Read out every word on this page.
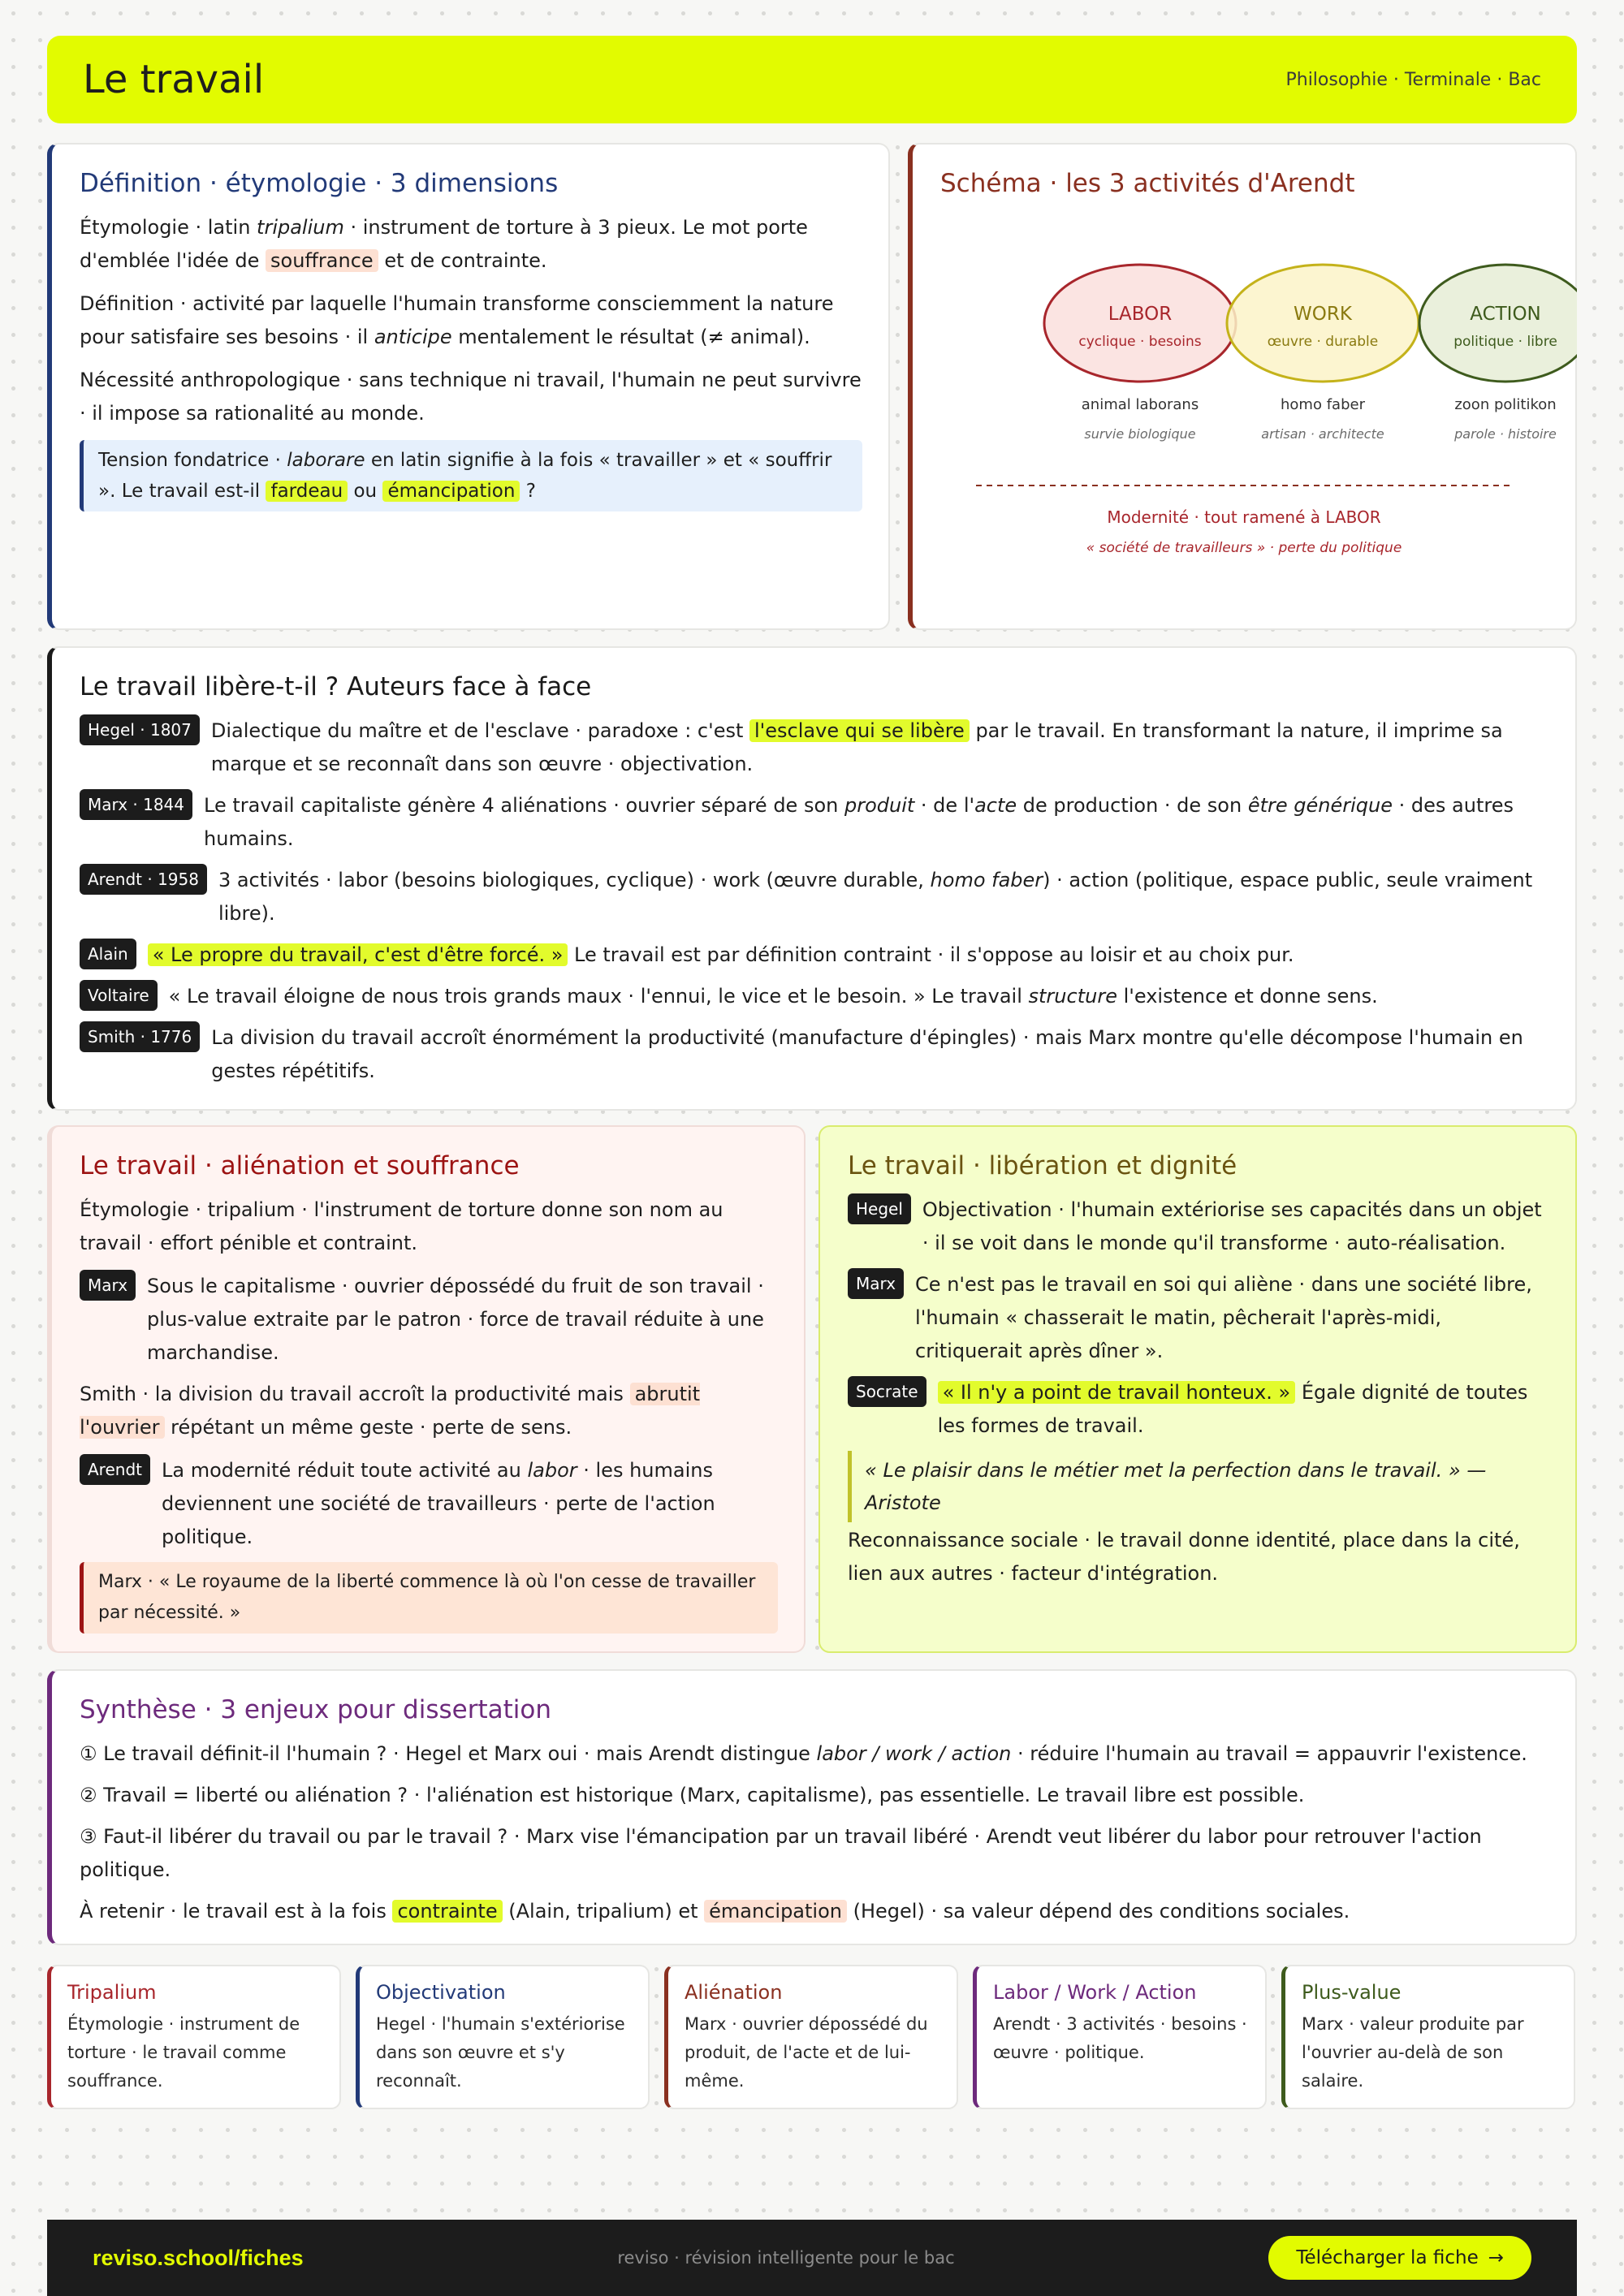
Le travail	Philosophie · Terminale · Bac
Définition · étymologie · 3 dimensions

Étymologie · latin tripalium · instrument de torture à 3 pieux. Le mot porte d'emblée l'idée de souffrance et de contrainte.

Définition · activité par laquelle l'humain transforme consciemment la nature pour satisfaire ses besoins · il anticipe mentalement le résultat (≠ animal).

Nécessité anthropologique · sans technique ni travail, l'humain ne peut survivre · il impose sa rationalité au monde.

Tension fondatrice · laborare en latin signifie à la fois « travailler » et « souffrir ». Le travail est-il fardeau ou émancipation ?
Schéma · les 3 activités d'Arendt
LABOR
cyclique · besoins
WORK
œuvre · durable
ACTION
politique · libre
animal laborans
survie biologique
homo faber
artisan · architecte
zoon politikon
parole · histoire
Modernité · tout ramené à LABOR
« société de travailleurs » · perte du politique
Le travail libère-t-il ? Auteurs face à face
Hegel · 1807	Dialectique du maître et de l'esclave · paradoxe : c'est l'esclave qui se libère par le travail. En transformant la nature, il imprime sa marque et se reconnaît dans son œuvre · objectivation.
Marx · 1844	Le travail capitaliste génère 4 aliénations · ouvrier séparé de son produit · de l'acte de production · de son être générique · des autres humains.
Arendt · 1958	3 activités · labor (besoins biologiques, cyclique) · work (œuvre durable, homo faber) · action (politique, espace public, seule vraiment libre).
Alain	« Le propre du travail, c'est d'être forcé. » Le travail est par définition contraint · il s'oppose au loisir et au choix pur.
Voltaire	« Le travail éloigne de nous trois grands maux · l'ennui, le vice et le besoin. » Le travail structure l'existence et donne sens.
Smith · 1776	La division du travail accroît énormément la productivité (manufacture d'épingles) · mais Marx montre qu'elle décompose l'humain en gestes répétitifs.
Le travail · aliénation et souffrance

Étymologie · tripalium · l'instrument de torture donne son nom au travail · effort pénible et contraint.

Marx	Sous le capitalisme · ouvrier dépossédé du fruit de son travail · plus-value extraite par le patron · force de travail réduite à une marchandise.

Smith · la division du travail accroît la productivité mais abrutit l'ouvrier répétant un même geste · perte de sens.

Arendt	La modernité réduit toute activité au labor · les humains deviennent une société de travailleurs · perte de l'action politique.
Marx · « Le royaume de la liberté commence là où l'on cesse de travailler par nécessité. »
Le travail · libération et dignité
Hegel	Objectivation · l'humain extériorise ses capacités dans un objet · il se voit dans le monde qu'il transforme · auto-réalisation.
Marx	Ce n'est pas le travail en soi qui aliène · dans une société libre, l'humain « chasserait le matin, pêcherait l'après-midi, critiquerait après dîner ».
Socrate	« Il n'y a point de travail honteux. » Égale dignité de toutes les formes de travail.
« Le plaisir dans le métier met la perfection dans le travail. » — Aristote

Reconnaissance sociale · le travail donne identité, place dans la cité, lien aux autres · facteur d'intégration.

Synthèse · 3 enjeux pour dissertation

① Le travail définit-il l'humain ? · Hegel et Marx oui · mais Arendt distingue labor / work / action · réduire l'humain au travail = appauvrir l'existence.

② Travail = liberté ou aliénation ? · l'aliénation est historique (Marx, capitalisme), pas essentielle. Le travail libre est possible.

③ Faut-il libérer du travail ou par le travail ? · Marx vise l'émancipation par un travail libéré · Arendt veut libérer du labor pour retrouver l'action politique.

À retenir · le travail est à la fois contrainte (Alain, tripalium) et émancipation (Hegel) · sa valeur dépend des conditions sociales.

Tripalium
Étymologie · instrument de torture · le travail comme souffrance.
Objectivation
Hegel · l'humain s'extériorise dans son œuvre et s'y reconnaît.
Aliénation
Marx · ouvrier dépossédé du produit, de l'acte et de lui-même.
Labor / Work / Action
Arendt · 3 activités · besoins · œuvre · politique.
Plus-value
Marx · valeur produite par l'ouvrier au-delà de son salaire.
reviso.school/fiches	reviso · révision intelligente pour le bac	Télécharger la fiche →
